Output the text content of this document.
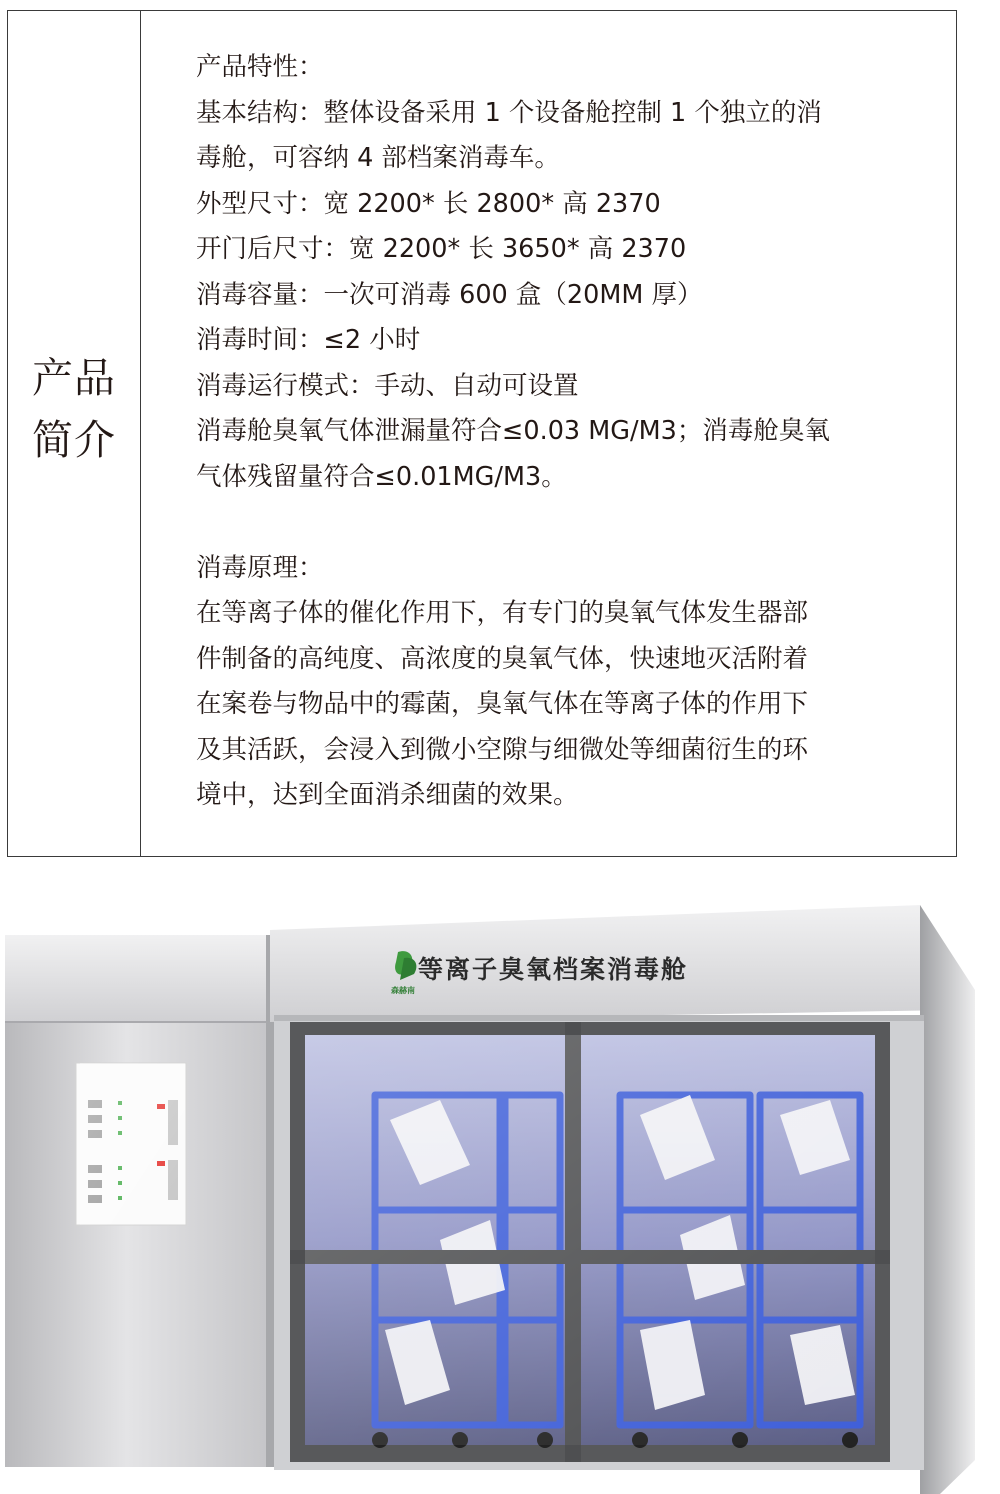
产品
简介

产品特性：

基本结构：整体设备采用 1 个设备舱控制 1 个独立的消

毒舱，可容纳 4 部档案消毒车。

外型尺寸：宽 2200* 长 2800* 高 2370

开门后尺寸：宽 2200* 长 3650* 高 2370

消毒容量：一次可消毒 600 盒（20MM 厚）

消毒时间：≤2 小时

消毒运行模式：手动、自动可设置

消毒舱臭氧气体泄漏量符合≤0.03 MG/M3；消毒舱臭氧

气体残留量符合≤0.01MG/M3。

消毒原理：

在等离子体的催化作用下，有专门的臭氧气体发生器部

件制备的高纯度、高浓度的臭氧气体，快速地灭活附着

在案卷与物品中的霉菌，臭氧气体在等离子体的作用下

及其活跃，会浸入到微小空隙与细微处等细菌衍生的环

境中，达到全面消杀细菌的效果。

等离子臭氧档案消毒舱
森赫南
